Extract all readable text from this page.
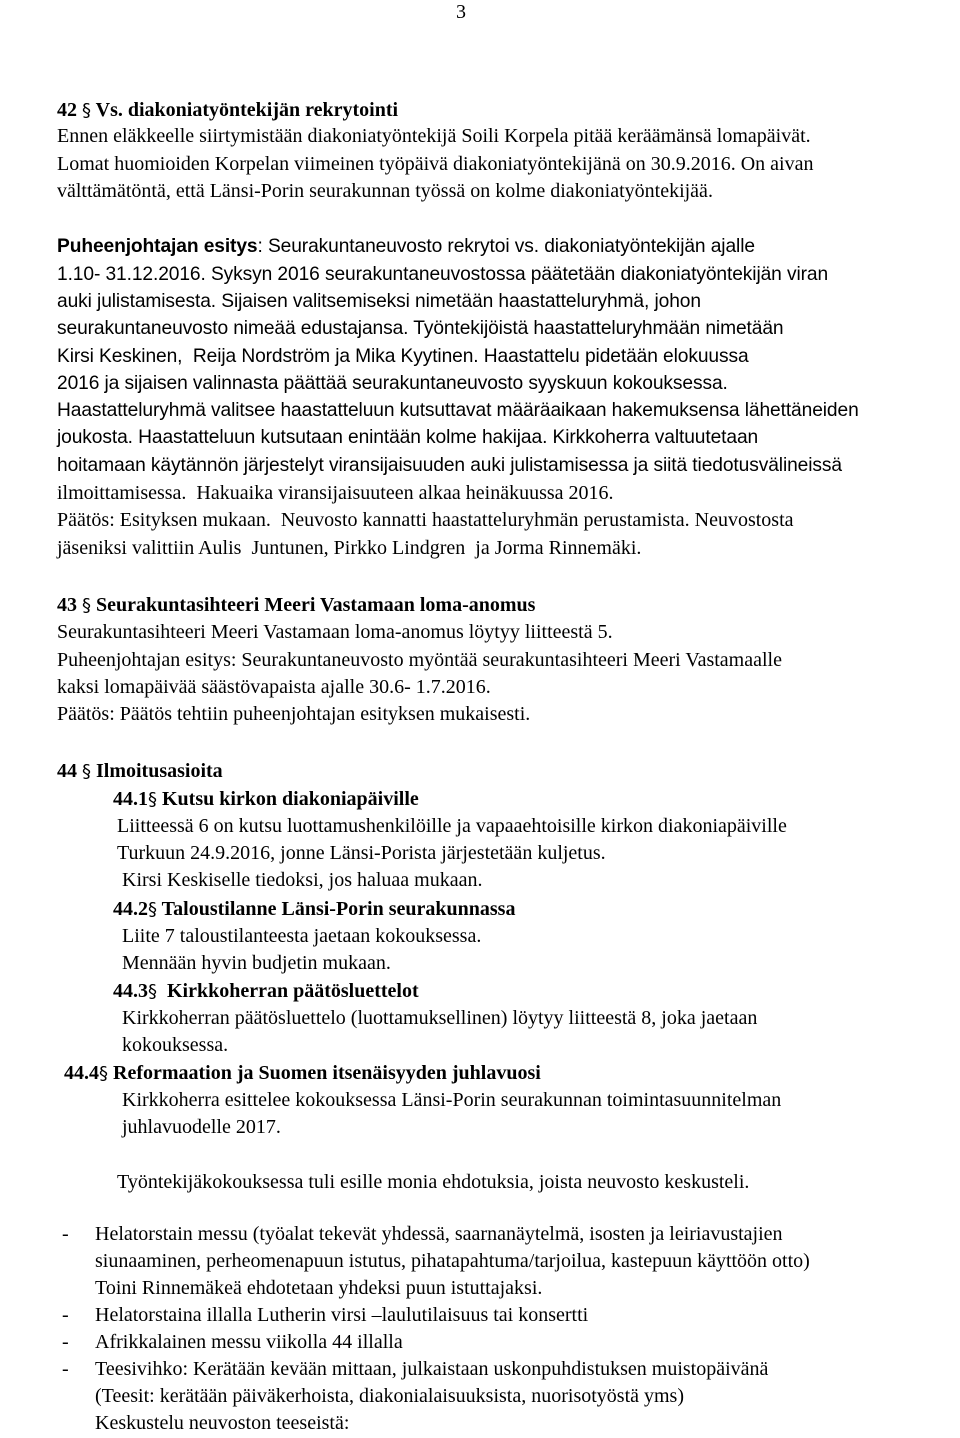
3
42 § Vs. diakoniatyöntekijän rekrytointi
Ennen eläkkeelle siirtymistään diakoniatyöntekijä Soili Korpela pitää keräämänsä lomapäivät.
Lomat huomioiden Korpelan viimeinen työpäivä diakoniatyöntekijänä on 30.9.2016. On aivan
välttämätöntä, että Länsi-Porin seurakunnan työssä on kolme diakoniatyöntekijää.
Puheenjohtajan esitys: Seurakuntaneuvosto rekrytoi vs. diakoniatyöntekijän ajalle
1.10- 31.12.2016. Syksyn 2016 seurakuntaneuvostossa päätetään diakoniatyöntekijän viran
auki julistamisesta. Sijaisen valitsemiseksi nimetään haastatteluryhmä, johon
seurakuntaneuvosto nimeää edustajansa. Työntekijöistä haastatteluryhmään nimetään
Kirsi Keskinen,  Reija Nordström ja Mika Kyytinen. Haastattelu pidetään elokuussa
2016 ja sijaisen valinnasta päättää seurakuntaneuvosto syyskuun kokouksessa.
Haastatteluryhmä valitsee haastatteluun kutsuttavat määräaikaan hakemuksensa lähettäneiden
joukosta. Haastatteluun kutsutaan enintään kolme hakijaa. Kirkkoherra valtuutetaan
hoitamaan käytännön järjestelyt viransijaisuuden auki julistamisessa ja siitä tiedotusvälineissä
ilmoittamisessa.  Hakuaika viransijaisuuteen alkaa heinäkuussa 2016.
Päätös: Esityksen mukaan.  Neuvosto kannatti haastatteluryhmän perustamista. Neuvostosta
jäseniksi valittiin Aulis  Juntunen, Pirkko Lindgren  ja Jorma Rinnemäki.
43 § Seurakuntasihteeri Meeri Vastamaan loma-anomus
Seurakuntasihteeri Meeri Vastamaan loma-anomus löytyy liitteestä 5.
Puheenjohtajan esitys: Seurakuntaneuvosto myöntää seurakuntasihteeri Meeri Vastamaalle
kaksi lomapäivää säästövapaista ajalle 30.6- 1.7.2016.
Päätös: Päätös tehtiin puheenjohtajan esityksen mukaisesti.
44 § Ilmoitusasioita
44.1§ Kutsu kirkon diakoniapäiville
Liitteessä 6 on kutsu luottamushenkilöille ja vapaaehtoisille kirkon diakoniapäiville
Turkuun 24.9.2016, jonne Länsi-Porista järjestetään kuljetus.
Kirsi Keskiselle tiedoksi, jos haluaa mukaan.
44.2§ Taloustilanne Länsi-Porin seurakunnassa
Liite 7 taloustilanteesta jaetaan kokouksessa.
Mennään hyvin budjetin mukaan.
44.3§ Kirkkoherran päätösluettelot
Kirkkoherran päätösluettelo (luottamuksellinen) löytyy liitteestä 8, joka jaetaan
kokouksessa.
44.4§ Reformaation ja Suomen itsenäisyyden juhlavuosi
Kirkkoherra esittelee kokouksessa Länsi-Porin seurakunnan toimintasuunnitelman
juhlavuodelle 2017.
Työntekijäkokouksessa tuli esille monia ehdotuksia, joista neuvosto keskusteli.
- Helatorstain messu (työalat tekevät yhdessä, saarnanäytelmä, isosten ja leiriavustajien
siunaaminen, perheomenapuun istutus, pihatapahtuma/tarjoilua, kastepuun käyttöön otto)
Toini Rinnemäkeä ehdotetaan yhdeksi puun istuttajaksi.
- Helatorstaina illalla Lutherin virsi –laulutilaisuus tai konsertti
- Afrikkalainen messu viikolla 44 illalla
- Teesivihko: Kerätään kevään mittaan, julkaistaan uskonpuhdistuksen muistopäivänä
(Teesit: kerätään päiväkerhoista, diakonialaisuuksista, nuorisotyöstä yms)
Keskustelu neuvoston teeseistä:
